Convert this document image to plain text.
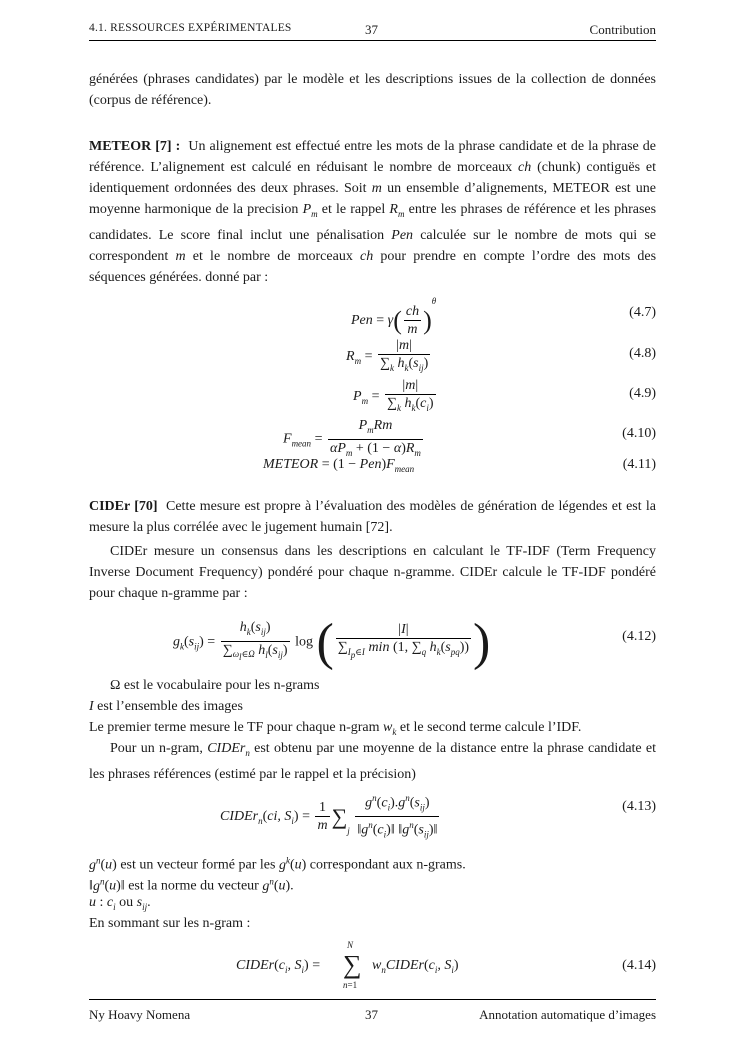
4.1. RESSOURCES EXPÉRIMENTALES	37	Contribution
générées (phrases candidates) par le modèle et les descriptions issues de la collection de données (corpus de référence).
METEOR [7] : Un alignement est effectué entre les mots de la phrase candidate et de la phrase de référence. L’alignement est calculé en réduisant le nombre de morceaux ch (chunk) contiguës et identiquement ordonnées des deux phrases. Soit m un ensemble d’alignements, METEOR est une moyenne harmonique de la precision $P_m$ et le rappel $R_m$ entre les phrases de référence et les phrases candidates. Le score final inclut une pénalisation Pen calculée sur le nombre de mots qui se correspondent m et le nombre de morceaux ch pour prendre en compte l’ordre des mots des séquences générées. donné par :
Pen = $\gamma( \frac{ch}{m} )^\theta$
(4.7)
$R_m = \frac{|m|}{\sum_k h_k(s_{ij})}$	(4.8)
$P_m = \frac{|m|}{\sum_k h_k(c_i)}$	(4.9)
$F_{mean} = \frac{P_mRm}{\alpha P_m + (1 - \alpha)R_m}$	(4.10)
METEOR = $(1 - Pen)F_{mean}$	(4.11)
CIDEr [70] Cette mesure est propre à l’évaluation des modèles de génération de légendes et est la mesure la plus corrélée avec le jugement humain [72].
CIDEr mesure un consensus dans les descriptions en calculant le TF-IDF (Term Frequency Inverse Document Frequency) pondéré pour chaque n-gramme. CIDEr calcule le TF-IDF pondéré pour chaque n-gramme par :
$g_k(s_{ij}) = \frac{h_k(s_{ij})}{\sum_{\omega_l\in\Omega} h_l(s_{ij})}$ log ( $\frac{|I|}{\sum_{I_p\in I} \min (1, \sum_q h_k(s_{pq}))}$ )	(4.12)
Ω est le vocabulaire pour les n-grams
I est l’ensemble des images
Le premier terme mesure le TF pour chaque n-gram $w_k$ et le second terme calcule l’IDF.
Pour un n-gram, CIDEr$_n$ est obtenu par une moyenne de la distance entre la phrase candidate et les phrases références (estimé par le rappel et la précision)
CIDEr$_n$(ci, $S_i) = \frac{1}{m} \sum_j \frac{g^n(c_i).g^n(s_{ij})}{‖g^n(c_i)‖ ‖g^n(s_{ij})‖}$	(4.13)
$g^n(u)$ est un vecteur formé par les $g^k(u)$ correspondant aux n-grams.
$‖g^n(u)‖$ est la norme du vecteur $g^n(u)$.
u : $c_i$ ou $s_{ij}$.
En sommant sur les n-gram :
$CIDEr(c_i$, $S_i$) =
N
∑
n=1
$w_nCIDEr(c_i$, $S_i$)	(4.14)
Ny Hoavy Nomena	37	Annotation automatique d’images
